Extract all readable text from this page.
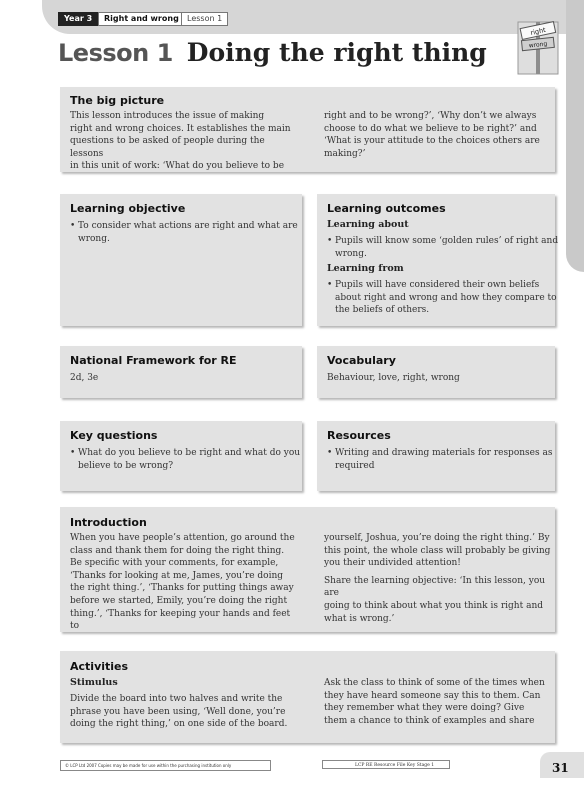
Year 3	Right and wrong	Lesson 1
Lesson 1 Doing the right thing
right
wrong
The big picture
This lesson introduces the issue of making
right and wrong choices. It establishes the main
questions to be asked of people during the lessons
in this unit of work: ‘What do you believe to be
right and to be wrong?’, ‘Why don’t we always
choose to do what we believe to be right?’ and
‘What is your attitude to the choices others are
making?’
Learning objective
• To consider what actions are right and what are
wrong.
Learning outcomes
Learning about
• Pupils will know some ‘golden rules’ of right and
wrong.
Learning from
• Pupils will have considered their own beliefs
about right and wrong and how they compare to
the beliefs of others.
National Framework for RE
2d, 3e
Vocabulary
Behaviour, love, right, wrong
Key questions
• What do you believe to be right and what do you
believe to be wrong?
Resources
• Writing and drawing materials for responses as
required
Introduction
When you have people’s attention, go around the
class and thank them for doing the right thing.
Be specific with your comments, for example,
‘Thanks for looking at me, James, you’re doing
the right thing.’, ‘Thanks for putting things away
before we started, Emily, you’re doing the right
thing.’, ‘Thanks for keeping your hands and feet to
yourself, Joshua, you’re doing the right thing.’ By
this point, the whole class will probably be giving
you their undivided attention!
Share the learning objective: ‘In this lesson, you are
going to think about what you think is right and
what is wrong.’
Activities
Stimulus
Divide the board into two halves and write the
phrase you have been using, ‘Well done, you’re
doing the right thing,’ on one side of the board.
Ask the class to think of some of the times when
they have heard someone say this to them. Can
they remember what they were doing? Give
them a chance to think of examples and share
© LCP Ltd 2007 Copies may be made for use within the purchasing institution only	LCP RE Resource File Key Stage 1	31
